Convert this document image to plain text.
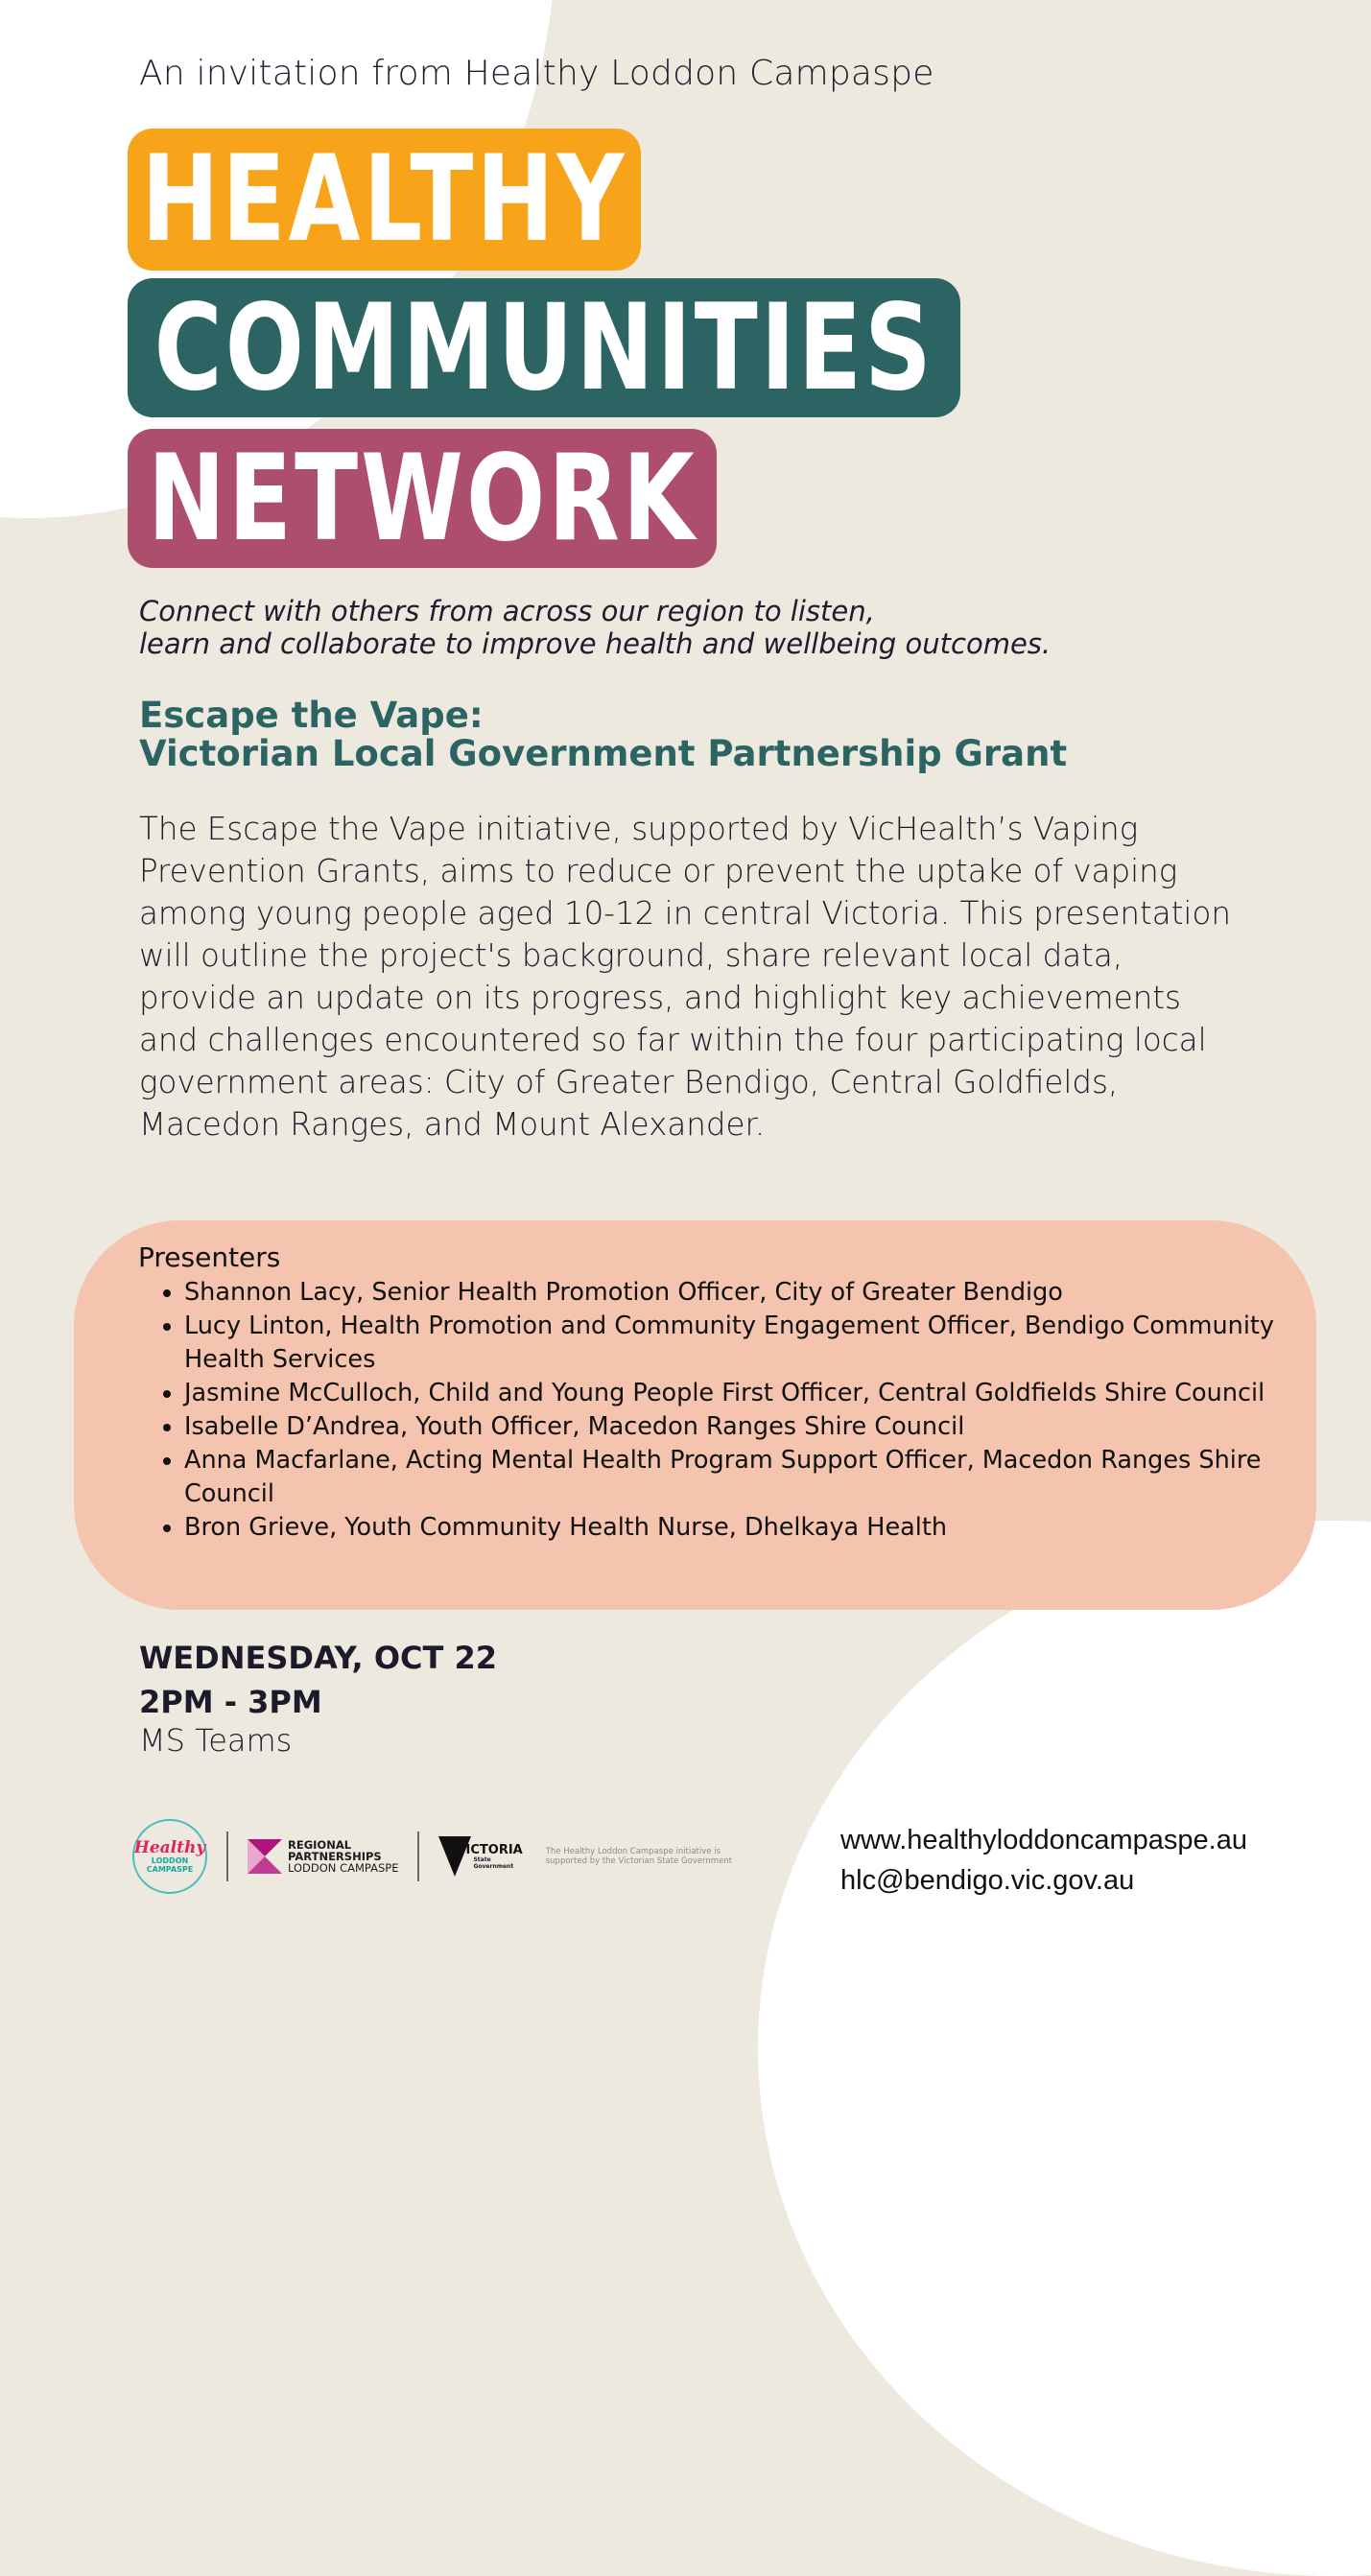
An invitation from Healthy Loddon Campaspe
HEALTHY
COMMUNITIES
NETWORK
Connect with others from across our region to listen,
learn and collaborate to improve health and wellbeing outcomes.
Escape the Vape:
Victorian Local Government Partnership Grant
The Escape the Vape initiative, supported by VicHealth’s Vaping Prevention Grants, aims to reduce or prevent the uptake of vaping among young people aged 10-12 in central Victoria. This presentation will outline the project's background, share relevant local data, provide an update on its progress, and highlight key achievements and challenges encountered so far within the four participating local government areas: City of Greater Bendigo, Central Goldfields, Macedon Ranges, and Mount Alexander.
Presenters
• Shannon Lacy, Senior Health Promotion Officer, City of Greater Bendigo
• Lucy Linton, Health Promotion and Community Engagement Officer, Bendigo Community Health Services
• Jasmine McCulloch, Child and Young People First Officer, Central Goldfields Shire Council
• Isabelle D’Andrea, Youth Officer, Macedon Ranges Shire Council
• Anna Macfarlane, Acting Mental Health Program Support Officer, Macedon Ranges Shire Council
• Bron Grieve, Youth Community Health Nurse, Dhelkaya Health
WEDNESDAY, OCT 22
2PM - 3PM
MS Teams
Healthy
LODDON
CAMPASPE
REGIONAL
PARTNERSHIPS
LODDON CAMPASPE
VICTORIA
State
Government
The Healthy Loddon Campaspe initiative is supported by the Victorian State Government
www.healthyloddoncampaspe.au
hlc@bendigo.vic.gov.au
